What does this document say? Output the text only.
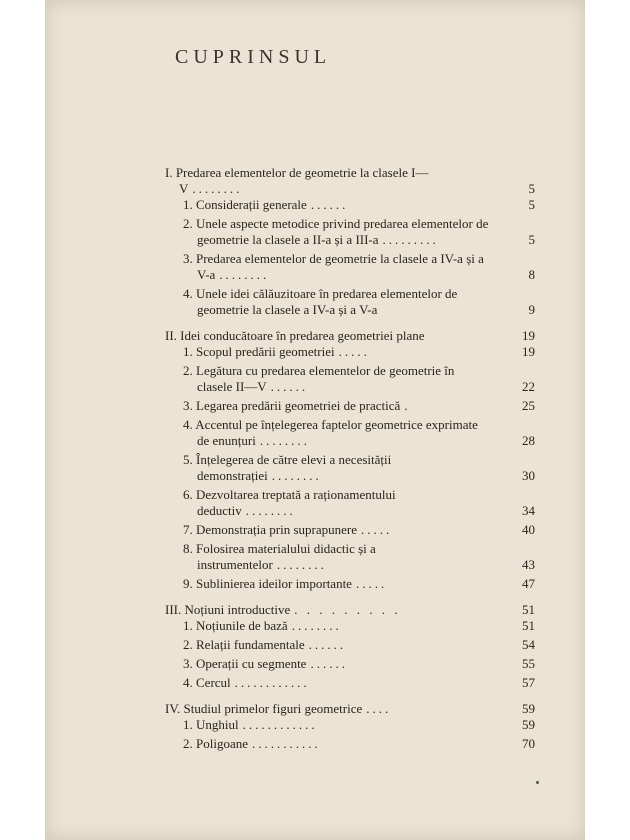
CUPRINSUL
I. Predarea elementelor de geometrie la clasele I—V ........	5
1. Considerații generale ......	5
2. Unele aspecte metodice privind predarea elementelor de geometrie la clasele a II-a și a III-a .........	5
3. Predarea elementelor de geometrie la clasele a IV-a și a V-a ........	8
4. Unele idei călăuzitoare în predarea elementelor de geometrie la clasele a IV-a și a V-a	9
II. Idei conducătoare în predarea geometriei plane	19
1. Scopul predării geometriei .....	19
2. Legătura cu predarea elementelor de geometrie în clasele II—V ......	22
3. Legarea predării geometriei de practică .	25
4. Accentul pe înțelegerea faptelor geometrice exprimate de enunțuri ........	28
5. Înțelegerea de către elevi a necesității demonstrației ........	30
6. Dezvoltarea treptată a raționamentului deductiv ........	34
7. Demonstrația prin suprapunere .....	40
8. Folosirea materialului didactic și a instrumentelor ........	43
9. Sublinierea ideilor importante .....	47
III. Noțiuni introductive . . . . . . . . .	51
1. Noțiunile de bază ........	51
2. Relații fundamentale ......	54
3. Operații cu segmente ......	55
4. Cercul ............	57
IV. Studiul primelor figuri geometrice ....	59
1. Unghiul ............	59
2. Poligoane ...........	70
